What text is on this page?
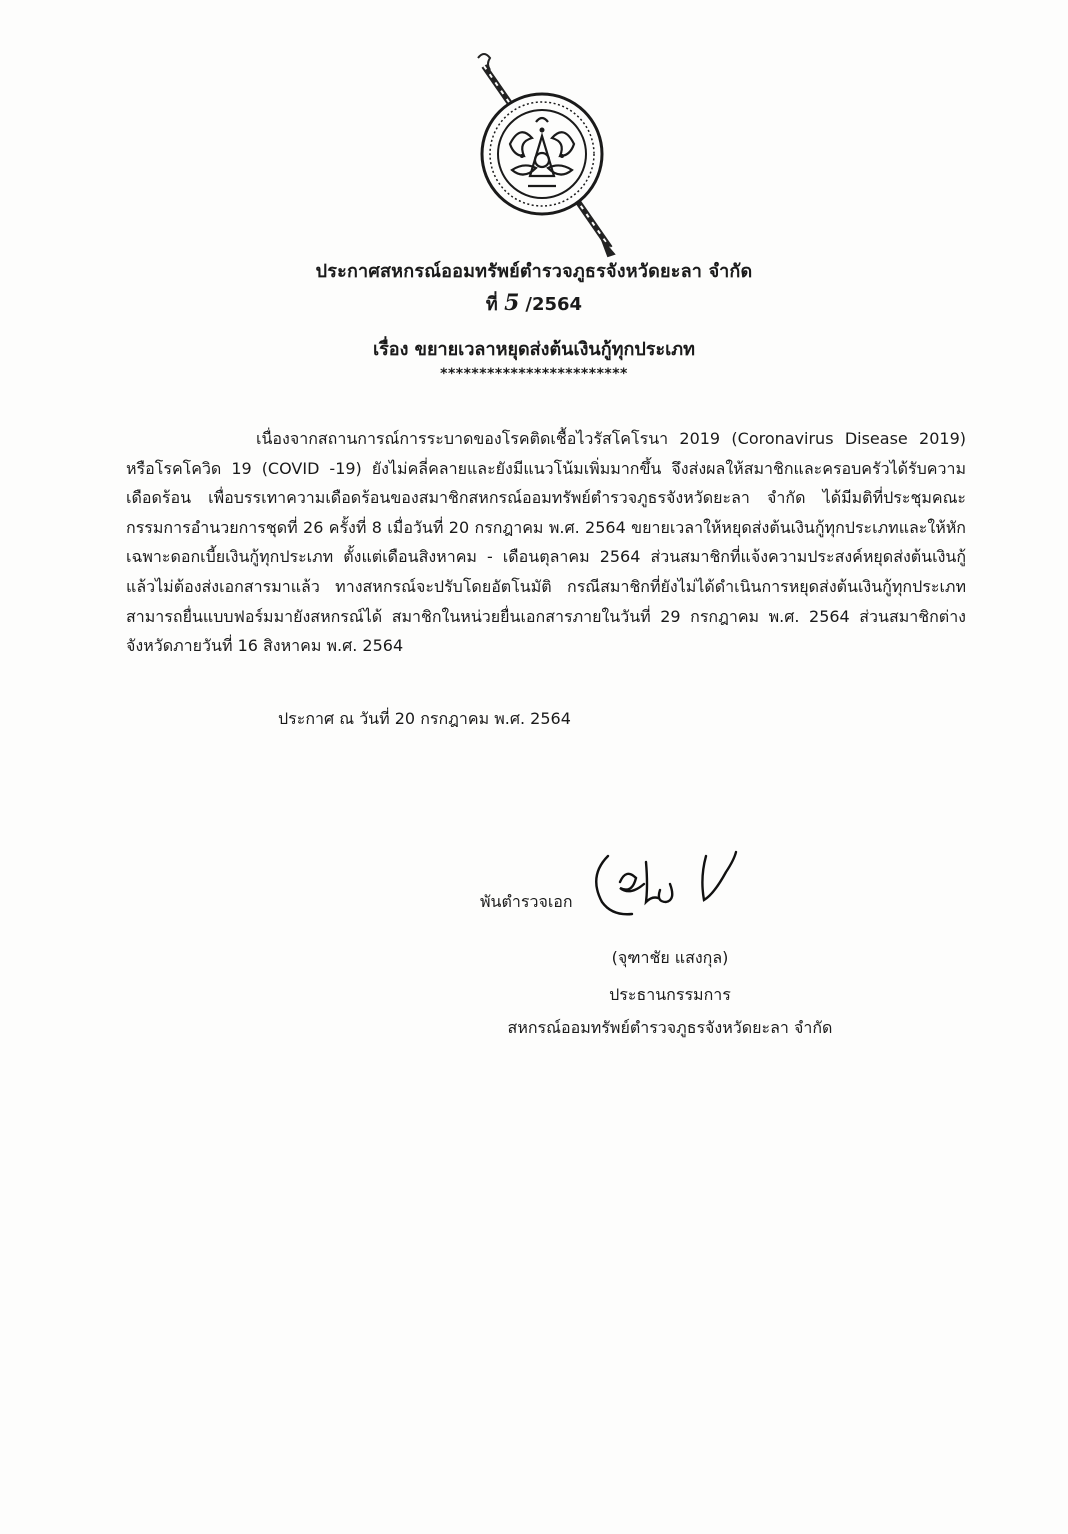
ประกาศสหกรณ์ออมทรัพย์ตำรวจภูธรจังหวัดยะลา จำกัด
ที่ 5 /2564
เรื่อง ขยายเวลาหยุดส่งต้นเงินกู้ทุกประเภท
************************
เนื่องจากสถานการณ์การระบาดของโรคติดเชื้อไวรัสโคโรนา 2019 (Coronavirus Disease 2019) หรือโรคโควิด 19 (COVID -19) ยังไม่คลี่คลายและยังมีแนวโน้มเพิ่มมากขึ้น จึงส่งผลให้สมาชิกและครอบครัวได้รับความเดือดร้อน เพื่อบรรเทาความเดือดร้อนของสมาชิกสหกรณ์ออมทรัพย์ตำรวจภูธรจังหวัดยะลา จำกัด ได้มีมติที่ประชุมคณะกรรมการอำนวยการชุดที่ 26 ครั้งที่ 8 เมื่อวันที่ 20 กรกฎาคม พ.ศ. 2564 ขยายเวลาให้หยุดส่งต้นเงินกู้ทุกประเภทและให้หักเฉพาะดอกเบี้ยเงินกู้ทุกประเภท ตั้งแต่เดือนสิงหาคม - เดือนตุลาคม 2564 ส่วนสมาชิกที่แจ้งความประสงค์หยุดส่งต้นเงินกู้แล้วไม่ต้องส่งเอกสารมาแล้ว ทางสหกรณ์จะปรับโดยอัตโนมัติ กรณีสมาชิกที่ยังไม่ได้ดำเนินการหยุดส่งต้นเงินกู้ทุกประเภท สามารถยื่นแบบฟอร์มมายังสหกรณ์ได้ สมาชิกในหน่วยยื่นเอกสารภายในวันที่ 29 กรกฎาคม พ.ศ. 2564 ส่วนสมาชิกต่างจังหวัดภายวันที่ 16 สิงหาคม พ.ศ. 2564
ประกาศ ณ วันที่ 20 กรกฎาคม พ.ศ. 2564
พันตำรวจเอก
(จุฑาชัย แสงกุล)
ประธานกรรมการ
สหกรณ์ออมทรัพย์ตำรวจภูธรจังหวัดยะลา จำกัด
